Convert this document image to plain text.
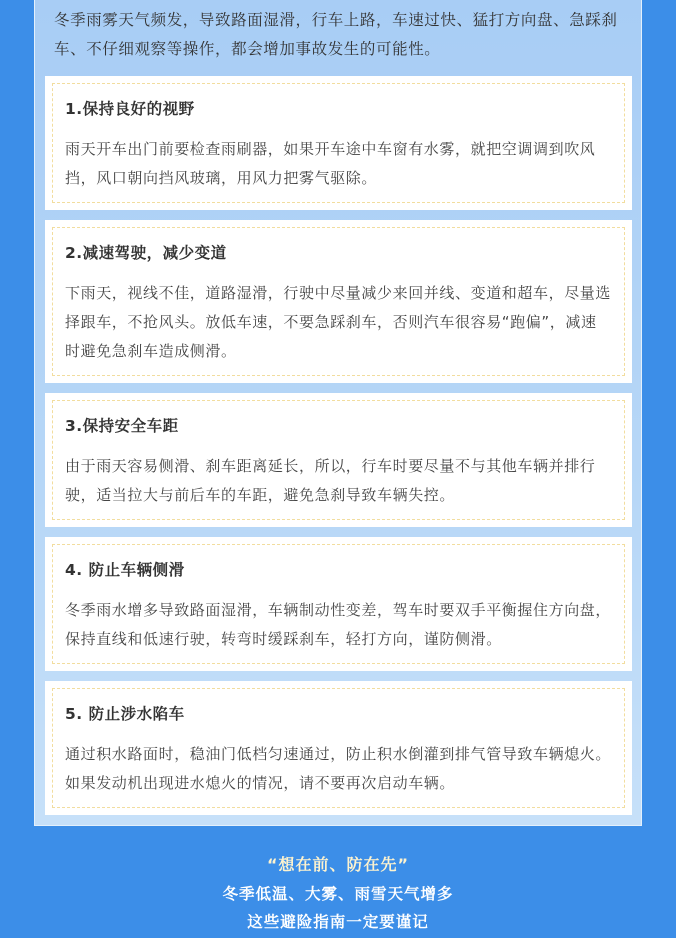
冬季雨雾天气频发，导致路面湿滑，行车上路，车速过快、猛打方向盘、急踩刹车、不仔细观察等操作，都会增加事故发生的可能性。

1.保持良好的视野

雨天开车出门前要检查雨刷器，如果开车途中车窗有水雾，就把空调调到吹风挡，风口朝向挡风玻璃，用风力把雾气驱除。

2.减速驾驶，减少变道

下雨天，视线不佳，道路湿滑，行驶中尽量减少来回并线、变道和超车，尽量选择跟车，不抢风头。放低车速，不要急踩刹车，否则汽车很容易“跑偏”，减速时避免急刹车造成侧滑。

3.保持安全车距

由于雨天容易侧滑、刹车距离延长，所以，行车时要尽量不与其他车辆并排行驶，适当拉大与前后车的车距，避免急刹导致车辆失控。

4. 防止车辆侧滑

冬季雨水增多导致路面湿滑，车辆制动性变差，驾车时要双手平衡握住方向盘，保持直线和低速行驶，转弯时缓踩刹车，轻打方向，谨防侧滑。

5. 防止涉水陷车

通过积水路面时，稳油门低档匀速通过，防止积水倒灌到排气管导致车辆熄火。如果发动机出现进水熄火的情况，请不要再次启动车辆。

“想在前、防在先”
冬季低温、大雾、雨雪天气增多
这些避险指南一定要谨记
